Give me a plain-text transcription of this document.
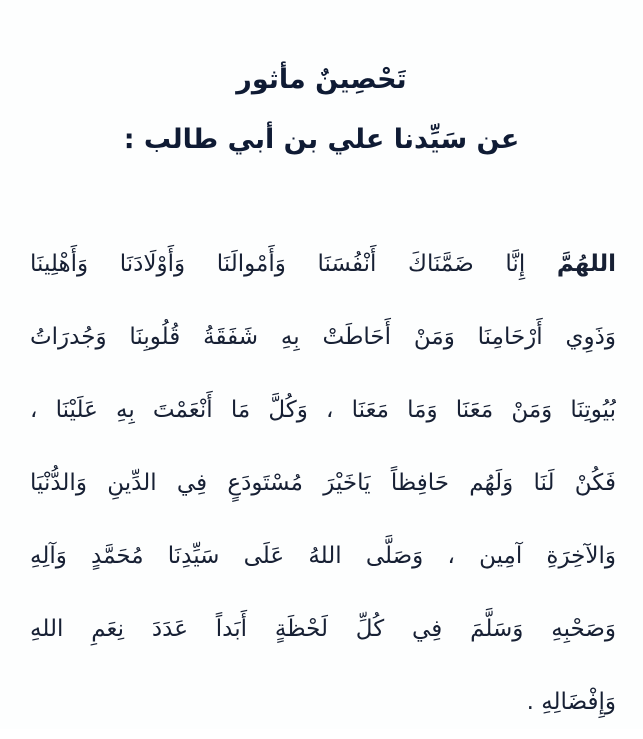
تَحْصِينٌ مأثور
عن سَيِّدنا علي بن أبي طالب :
اللهُمَّ إِنَّا ضَمَّنَاكَ أَنْفُسَنَا وَأَمْوالَنَا وَأَوْلَادَنَا وَأَهْلِينَا
وَذَوِي أَرْحَامِنَا وَمَنْ أَحَاطَتْ بِهِ شَفَقَةُ قُلُوبِنَا وَجُدرَاتُ
بُيُوتِنَا وَمَنْ مَعَنَا وَمَا مَعَنَا ، وَكُلَّ مَا أَنْعَمْتَ بِهِ عَلَيْنَا ،
فَكُنْ لَنَا وَلَهُم حَافِظاً يَاخَيْرَ مُسْتَودَعٍ فِي الدِّينِ وَالدُّنْيَا
وَالآخِرَةِ آمِين ، وَصَلَّى اللهُ عَلَى سَيِّدِنَا مُحَمَّدٍ وَآلِهِ
وَصَحْبِهِ وَسَلَّمَ فِي كُلِّ لَحْظَةٍ أَبَداً عَدَدَ نِعَمِ اللهِ
وَإِفْضَالِهِ .
